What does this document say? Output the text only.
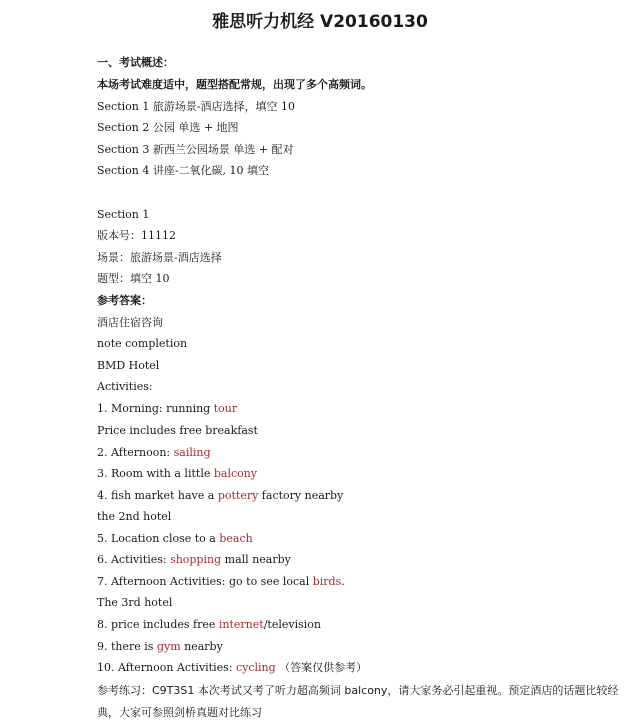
雅思听力机经 V20160130
一、考试概述：
本场考试难度适中，题型搭配常规，出现了多个高频词。
Section 1 旅游场景-酒店选择，填空 10
Section 2 公园 单选 + 地图
Section 3 新西兰公园场景 单选 + 配对
Section 4 讲座-二氧化碳, 10 填空
Section 1
版本号：11112
场景：旅游场景-酒店选择
题型：填空 10
参考答案：
酒店住宿咨询
note completion
BMD Hotel
Activities:
1. Morning: running tour
Price includes free breakfast
2. Afternoon: sailing
3. Room with a little balcony
4. fish market have a pottery factory nearby
the 2nd hotel
5. Location close to a beach
6. Activities: shopping mall nearby
7. Afternoon Activities: go to see local birds.
The 3rd hotel
8. price includes free internet/television
9. there is gym nearby
10. Afternoon Activities: cycling （答案仅供参考）
参考练习：C9T3S1 本次考试又考了听力超高频词 balcony，请大家务必引起重视。预定酒店的话题比较经典，大家可参照剑桥真题对比练习
